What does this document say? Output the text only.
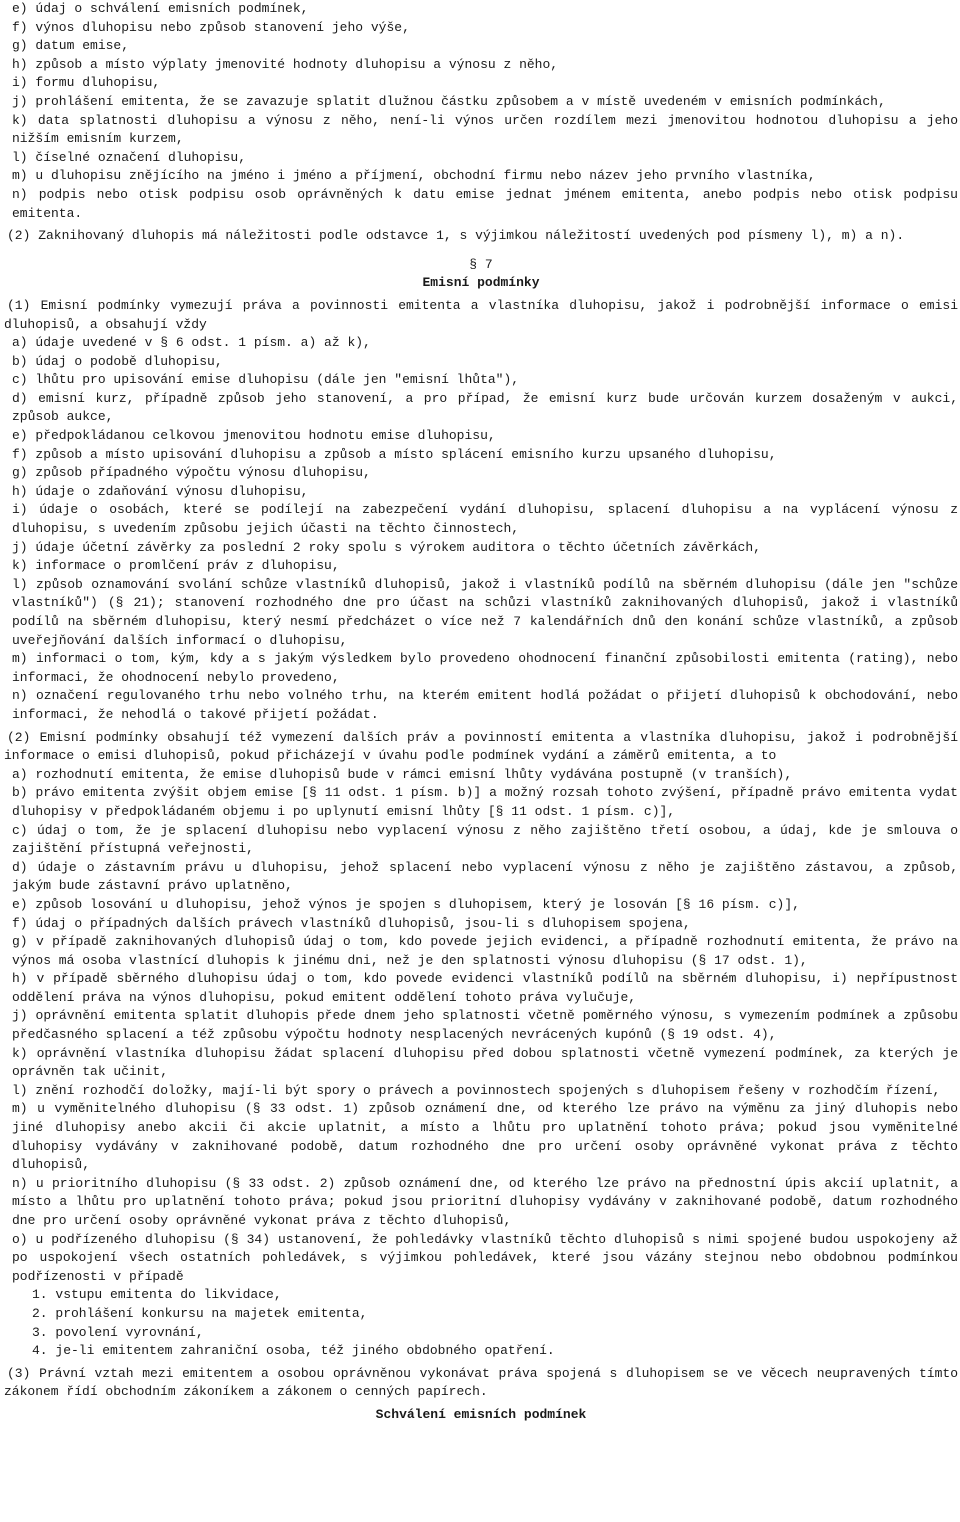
e) údaj o schválení emisních podmínek,
f) výnos dluhopisu nebo způsob stanovení jeho výše,
g) datum emise,
h) způsob a místo výplaty jmenovité hodnoty dluhopisu a výnosu z něho,
i) formu dluhopisu,
j) prohlášení emitenta, že se zavazuje splatit dlužnou částku způsobem a v místě uvedeném v emisních podmínkách,
k) data splatnosti dluhopisu a výnosu z něho, není-li výnos určen rozdílem mezi jmenovitou hodnotou dluhopisu a jeho nižším emisním kurzem,
l) číselné označení dluhopisu,
m) u dluhopisu znějícího na jméno i jméno a příjmení, obchodní firmu nebo název jeho prvního vlastníka,
n) podpis nebo otisk podpisu osob oprávněných k datu emise jednat jménem emitenta, anebo podpis nebo otisk podpisu emitenta.
(2) Zaknihovaný dluhopis má náležitosti podle odstavce 1, s výjimkou náležitostí uvedených pod písmeny l), m) a n).
§ 7
Emisní podmínky
(1) Emisní podmínky vymezují práva a povinnosti emitenta a vlastníka dluhopisu, jakož i podrobnější informace o emisi dluhopisů, a obsahují vždy
a) údaje uvedené v § 6 odst. 1 písm. a) až k),
b) údaj o podobě dluhopisu,
c) lhůtu pro upisování emise dluhopisu (dále jen "emisní lhůta"),
d) emisní kurz, případně způsob jeho stanovení, a pro případ, že emisní kurz bude určován kurzem dosaženým v aukci, způsob aukce,
e) předpokládanou celkovou jmenovitou hodnotu emise dluhopisu,
f) způsob a místo upisování dluhopisu a způsob a místo splácení emisního kurzu upsaného dluhopisu,
g) způsob případného výpočtu výnosu dluhopisu,
h) údaje o zdaňování výnosu dluhopisu,
i) údaje o osobách, které se podílejí na zabezpečení vydání dluhopisu, splacení dluhopisu a na vyplácení výnosu z dluhopisu, s uvedením způsobu jejich účasti na těchto činnostech,
j) údaje účetní závěrky za poslední 2 roky spolu s výrokem auditora o těchto účetních závěrkách,
k) informace o promlčení práv z dluhopisu,
l) způsob oznamování svolání schůze vlastníků dluhopisů, jakož i vlastníků podílů na sběrném dluhopisu (dále jen "schůze vlastníků") (§ 21); stanovení rozhodného dne pro účast na schůzi vlastníků zaknihovaných dluhopisů, jakož i vlastníků podílů na sběrném dluhopisu, který nesmí předcházet o více než 7 kalendářních dnů den konání schůze vlastníků, a způsob uveřejňování dalších informací o dluhopisu,
m) informaci o tom, kým, kdy a s jakým výsledkem bylo provedeno ohodnocení finanční způsobilosti emitenta (rating), nebo informaci, že ohodnocení nebylo provedeno,
n) označení regulovaného trhu nebo volného trhu, na kterém emitent hodlá požádat o přijetí dluhopisů k obchodování, nebo informaci, že nehodlá o takové přijetí požádat.
(2) Emisní podmínky obsahují též vymezení dalších práv a povinností emitenta a vlastníka dluhopisu, jakož i podrobnější informace o emisi dluhopisů, pokud přicházejí v úvahu podle podmínek vydání a záměrů emitenta, a to
a) rozhodnutí emitenta, že emise dluhopisů bude v rámci emisní lhůty vydávána postupně (v tranších),
b) právo emitenta zvýšit objem emise [§ 11 odst. 1 písm. b)] a možný rozsah tohoto zvýšení, případně právo emitenta vydat dluhopisy v předpokládaném objemu i po uplynutí emisní lhůty [§ 11 odst. 1 písm. c)],
c) údaj o tom, že je splacení dluhopisu nebo vyplacení výnosu z něho zajištěno třetí osobou, a údaj, kde je smlouva o zajištění přístupná veřejnosti,
d) údaje o zástavním právu u dluhopisu, jehož splacení nebo vyplacení výnosu z něho je zajištěno zástavou, a způsob, jakým bude zástavní právo uplatněno,
e) způsob losování u dluhopisu, jehož výnos je spojen s dluhopisem, který je losován [§ 16 písm. c)],
f) údaj o případných dalších právech vlastníků dluhopisů, jsou-li s dluhopisem spojena,
g) v případě zaknihovaných dluhopisů údaj o tom, kdo povede jejich evidenci, a případně rozhodnutí emitenta, že právo na výnos má osoba vlastnící dluhopis k jinému dni, než je den splatnosti výnosu dluhopisu (§ 17 odst. 1),
h) v případě sběrného dluhopisu údaj o tom, kdo povede evidenci vlastníků podílů na sběrném dluhopisu, i) nepřípustnost oddělení práva na výnos dluhopisu, pokud emitent oddělení tohoto práva vylučuje,
j) oprávnění emitenta splatit dluhopis přede dnem jeho splatnosti včetně poměrného výnosu, s vymezením podmínek a způsobu předčasného splacení a též způsobu výpočtu hodnoty nesplacených nevrácených kupónů (§ 19 odst. 4),
k) oprávnění vlastníka dluhopisu žádat splacení dluhopisu před dobou splatnosti včetně vymezení podmínek, za kterých je oprávněn tak učinit,
l) znění rozhodčí doložky, mají-li být spory o právech a povinnostech spojených s dluhopisem řešeny v rozhodčím řízení,
m) u vyměnitelného dluhopisu (§ 33 odst. 1) způsob oznámení dne, od kterého lze právo na výměnu za jiný dluhopis nebo jiné dluhopisy anebo akcii či akcie uplatnit, a místo a lhůtu pro uplatnění tohoto práva; pokud jsou vyměnitelné dluhopisy vydávány v zaknihované podobě, datum rozhodného dne pro určení osoby oprávněné vykonat práva z těchto dluhopisů,
n) u prioritního dluhopisu (§ 33 odst. 2) způsob oznámení dne, od kterého lze právo na přednostní úpis akcií uplatnit, a místo a lhůtu pro uplatnění tohoto práva; pokud jsou prioritní dluhopisy vydávány v zaknihované podobě, datum rozhodného dne pro určení osoby oprávněné vykonat práva z těchto dluhopisů,
o) u podřízeného dluhopisu (§ 34) ustanovení, že pohledávky vlastníků těchto dluhopisů s nimi spojené budou uspokojeny až po uspokojení všech ostatních pohledávek, s výjimkou pohledávek, které jsou vázány stejnou nebo obdobnou podmínkou podřízenosti v případě
1. vstupu emitenta do likvidace,
2. prohlášení konkursu na majetek emitenta,
3. povolení vyrovnání,
4. je-li emitentem zahraniční osoba, též jiného obdobného opatření.
(3) Právní vztah mezi emitentem a osobou oprávněnou vykonávat práva spojená s dluhopisem se ve věcech neupravených tímto zákonem řídí obchodním zákoníkem a zákonem o cenných papírech.
Schválení emisních podmínek
